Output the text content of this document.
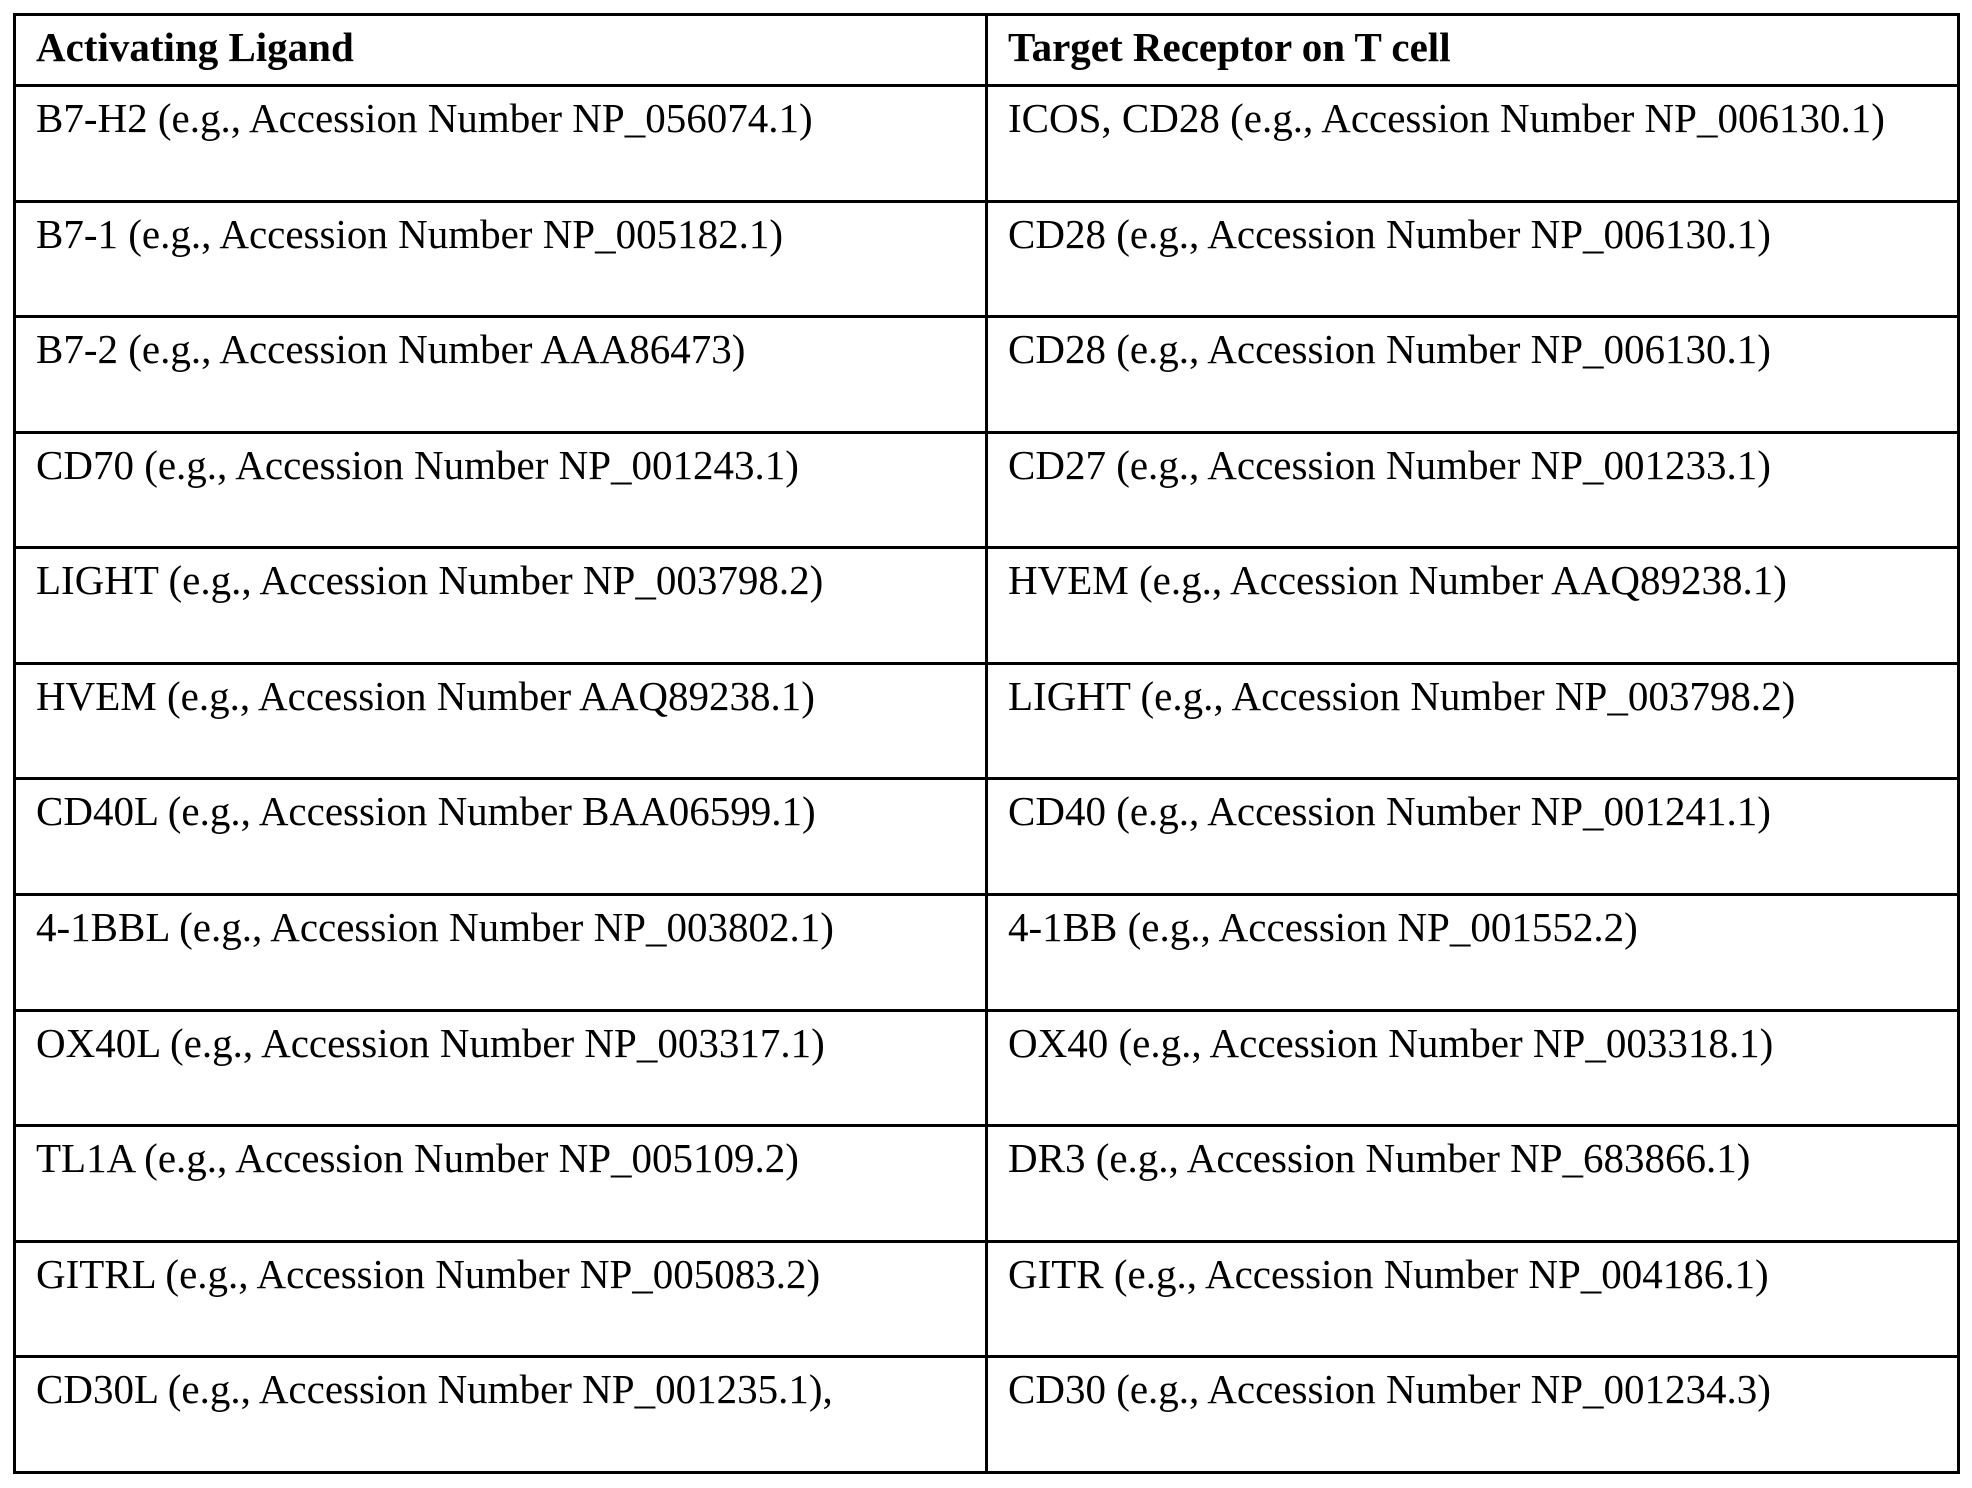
Activating Ligand	Target Receptor on T cell
B7-H2 (e.g., Accession Number NP_056074.1)	ICOS, CD28 (e.g., Accession Number NP_006130.1)
B7-1 (e.g., Accession Number NP_005182.1)	CD28 (e.g., Accession Number NP_006130.1)
B7-2 (e.g., Accession Number AAA86473)	CD28 (e.g., Accession Number NP_006130.1)
CD70 (e.g., Accession Number NP_001243.1)	CD27 (e.g., Accession Number NP_001233.1)
LIGHT (e.g., Accession Number NP_003798.2)	HVEM (e.g., Accession Number AAQ89238.1)
HVEM (e.g., Accession Number AAQ89238.1)	LIGHT (e.g., Accession Number NP_003798.2)
CD40L (e.g., Accession Number BAA06599.1)	CD40 (e.g., Accession Number NP_001241.1)
4-1BBL (e.g., Accession Number NP_003802.1)	4-1BB (e.g., Accession NP_001552.2)
OX40L (e.g., Accession Number NP_003317.1)	OX40 (e.g., Accession Number NP_003318.1)
TL1A (e.g., Accession Number NP_005109.2)	DR3 (e.g., Accession Number NP_683866.1)
GITRL (e.g., Accession Number NP_005083.2)	GITR (e.g., Accession Number NP_004186.1)
CD30L (e.g., Accession Number NP_001235.1),	CD30 (e.g., Accession Number NP_001234.3)
